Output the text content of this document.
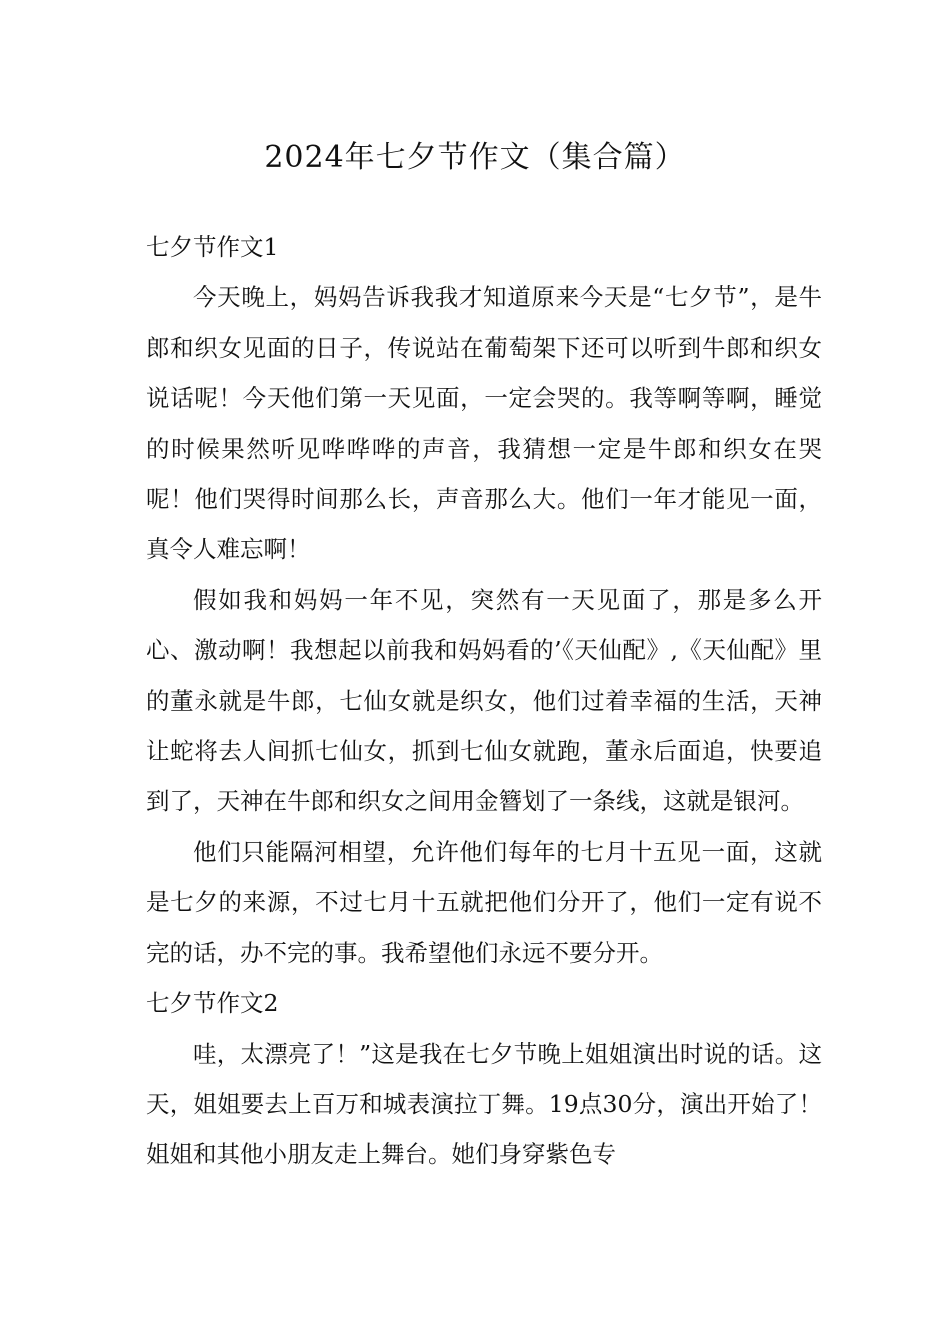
2024年七夕节作文（集合篇）
七夕节作文1

今天晚上，妈妈告诉我我才知道原来今天是“七夕节”，是牛郎和织女见面的日子，传说站在葡萄架下还可以听到牛郎和织女说话呢！今天他们第一天见面，一定会哭的。我等啊等啊，睡觉的时候果然听见哗哗哗的声音，我猜想一定是牛郎和织女在哭呢！他们哭得时间那么长，声音那么大。他们一年才能见一面，真令人难忘啊！

假如我和妈妈一年不见，突然有一天见面了，那是多么开心、激动啊！我想起以前我和妈妈看的’《天仙配》,《天仙配》里的董永就是牛郎，七仙女就是织女，他们过着幸福的生活，天神让蛇将去人间抓七仙女，抓到七仙女就跑，董永后面追，快要追到了，天神在牛郎和织女之间用金簪划了一条线，这就是银河。

他们只能隔河相望，允许他们每年的七月十五见一面，这就是七夕的来源，不过七月十五就把他们分开了，他们一定有说不完的话，办不完的事。我希望他们永远不要分开。

七夕节作文2

哇，太漂亮了！”这是我在七夕节晚上姐姐演出时说的话。这天，姐姐要去上百万和城表演拉丁舞。19点30分，演出开始了！姐姐和其他小朋友走上舞台。她们身穿紫色专
